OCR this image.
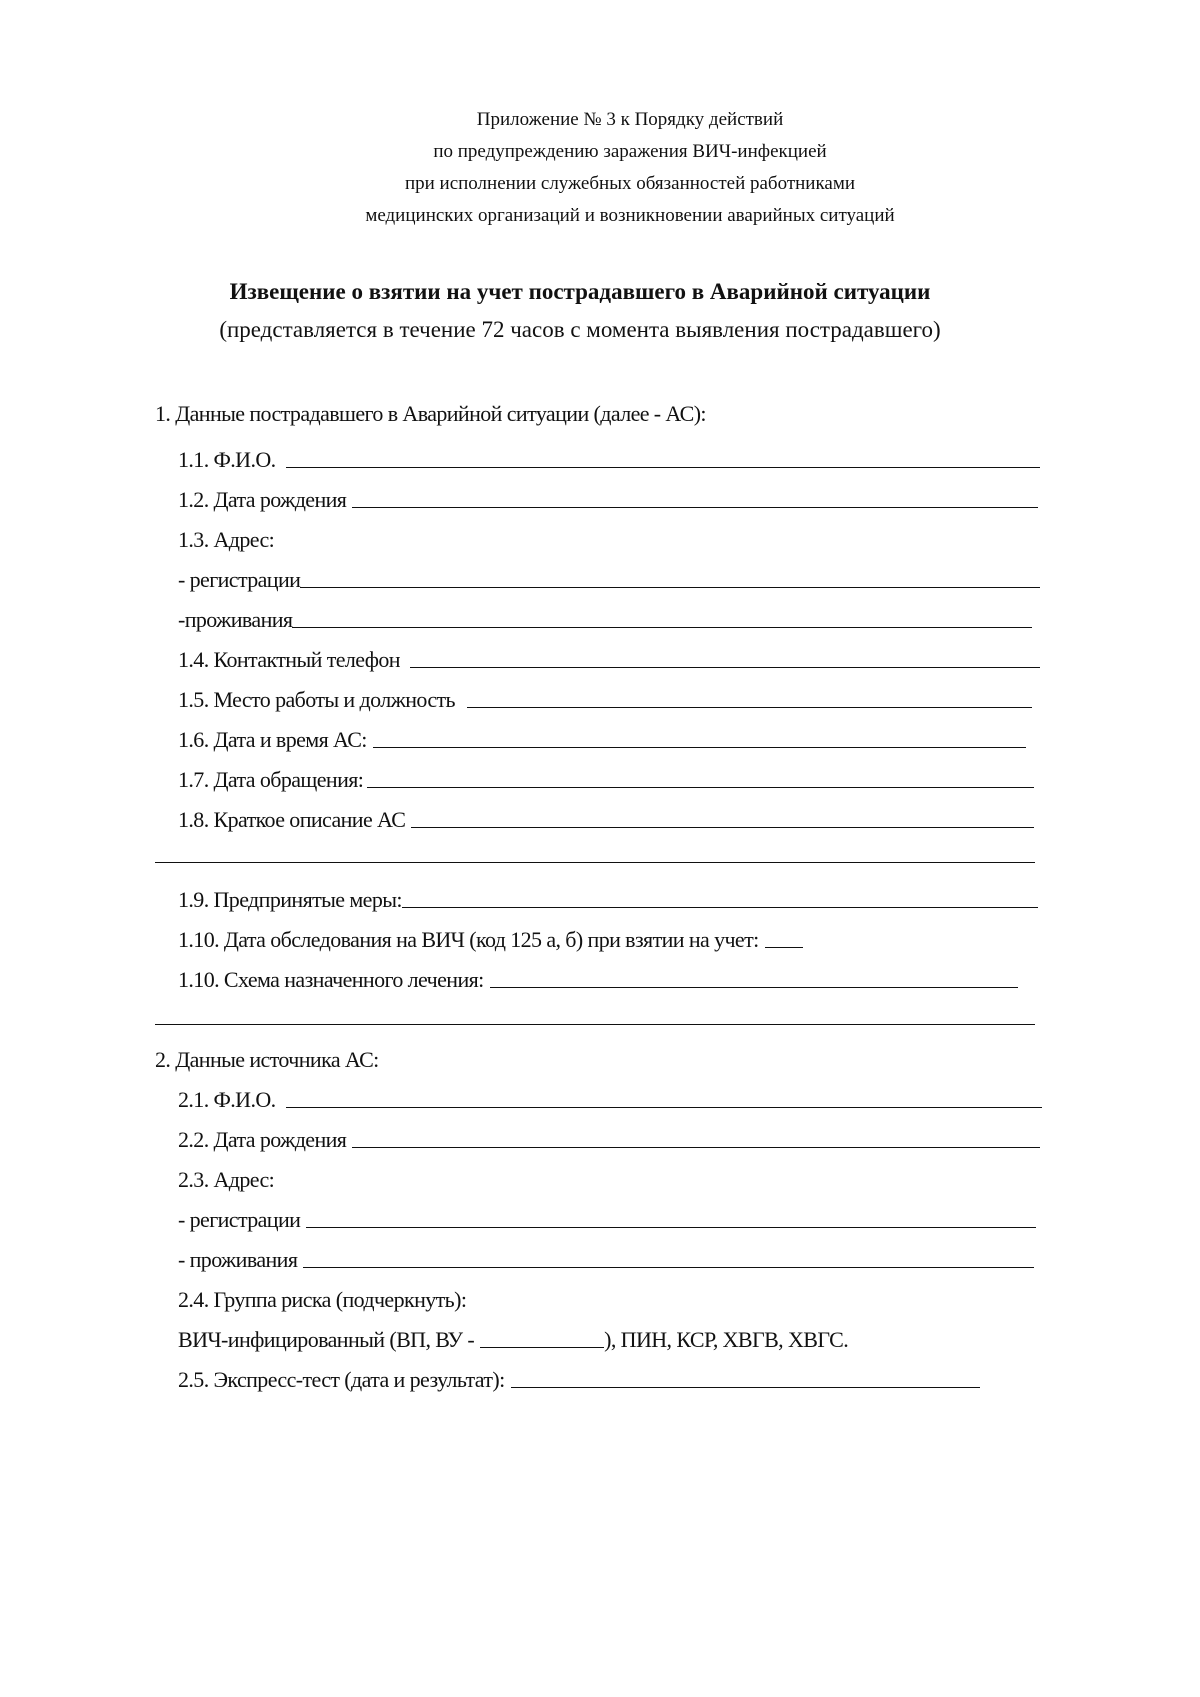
Приложение № 3 к Порядку действий
по предупреждению заражения ВИЧ-инфекцией
при исполнении служебных обязанностей работниками
медицинских организаций и возникновении аварийных ситуаций
Извещение о взятии на учет пострадавшего в Аварийной ситуации
(представляется в течение 72 часов с момента выявления пострадавшего)
1. Данные пострадавшего в Аварийной ситуации (далее - АС):
1.1. Ф.И.О.
1.2. Дата рождения
1.3. Адрес:
- регистрации
-проживания
1.4. Контактный телефон
1.5. Место работы и должность
1.6. Дата и время АС:
1.7. Дата обращения:
1.8. Краткое описание АС
1.9. Предпринятые меры:
1.10. Дата обследования на ВИЧ (код 125 а, б) при взятии на учет:
1.10. Схема назначенного лечения:
2. Данные источника АС:
2.1. Ф.И.О.
2.2. Дата рождения
2.3. Адрес:
- регистрации
- проживания
2.4. Группа риска (подчеркнуть):
ВИЧ-инфицированный (ВП, ВУ -	), ПИН, КСР, ХВГВ, ХВГС.
2.5. Экспресс-тест (дата и результат):
